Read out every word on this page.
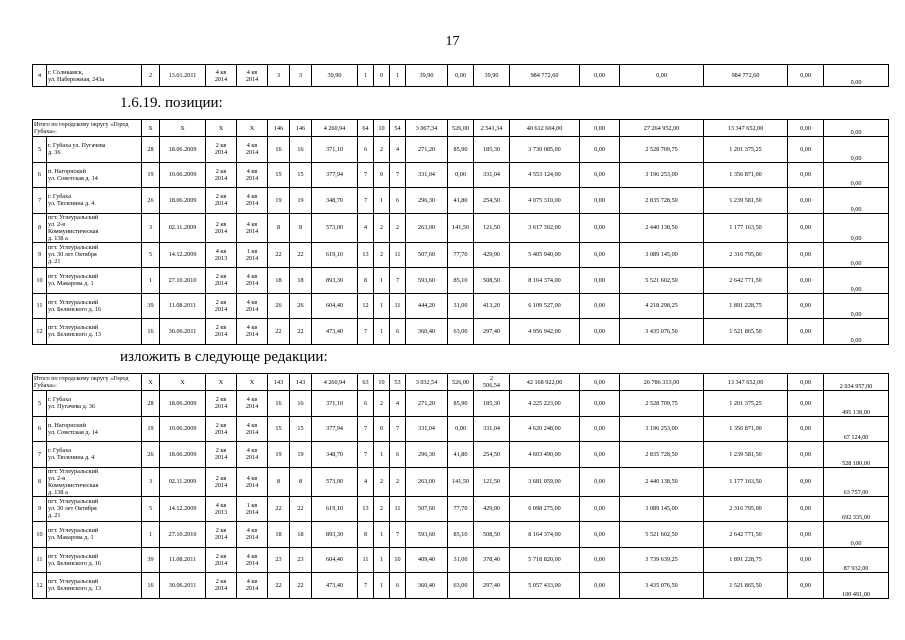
17
4	г. Соликамск,
ул. Набережная, 243а	2	13.01.2011	4 кв
2014	4 кв
2014	3	3	39,90	1	0	1	39,90	0,00	39,90	984 772,60	0,00	0,00	984 772,60	0,00	0,00
1.6.19. позиции:
Итого по городскому округу «Город Губаха»:		X	X	X	X	146	146	4 260,94	64	10	54	3 067,34	526,00	2 541,34	40 612 604,00	0,00	27 264 952,00	13 347 652,00	0,00	0,00
5	г. Губаха ул. Пугачева
д. 36	28	18.06.2009	2 кв
2014	4 кв
2014	16	16	371,10	6	2	4	271,20	85,90	185,30	3 730 085,00	0,00	2 528 709,75	1 201 375,25	0,00	0,00
6	п. Нагорнский
ул. Советская д. 14	19	10.06.2009	2 кв
2014	4 кв
2014	15	15	377,94	7	0	7	331,04	0,00	331,04	4 553 124,00	0,00	3 196 253,00	1 356 871,00	0,00	0,00
7	г. Губаха
ул. Тюленина д. 4	26	18.06.2009	2 кв
2014	4 кв
2014	19	19	348,70	7	1	6	296,30	41,80	254,50	4 075 310,00	0,00	2 835 728,50	1 239 581,50	0,00	0,00
8	пгт. Углеуральский
ул. 2-я
Коммунистическая
д. 138 а	3	02.11.2009	2 кв
2014	4 кв
2014	8	8	573,00	4	2	2	263,00	141,50	121,50	3 617 302,00	0,00	2 440 138,50	1 177 163,50	0,00	0,00
9	пгт. Углеуральский
ул. 30 лет Октября
д. 21	5	14.12.2009	4 кв
2013	1 кв
2014	22	22	619,10	13	2	11	507,60	77,70	429,90	5 405 940,00	0,00	3 089 145,00	2 316 795,00	0,00	0,00
10	пгт. Углеуральский
ул. Макарова д. 1	1	27.10.2010	2 кв
2014	4 кв
2014	18	18	893,30	8	1	7	593,60	85,10	508,50	8 164 374,00	0,00	5 521 602,50	2 642 771,50	0,00	0,00
11	пгт. Углеуральский
ул. Белинского д. 16	39	11.08.2011	2 кв
2014	4 кв
2014	26	26	604,40	12	1	11	444,20	31,00	413,20	6 109 527,00	0,00	4 218 298,25	1 891 228,75	0,00	0,00
12	пгт. Углеуральский
ул. Белинского д. 13	16	30.06.2011	2 кв
2014	4 кв
2014	22	22	473,40	7	1	6	360,40	63,00	297,40	4 956 942,00	0,00	3 435 076,50	1 521 865,50	0,00	0,00
изложить в следующе редакции:
Итого по городскому округу «Город Губаха»:		X	X	X	X	143	143	4 260,94	63	10	53	3 032,54	526,00	2
506,54	42 168 922,00	0,00	26 786 313,00	13 347 652,00	0,00	2 034 957,00
5	г. Губаха
ул. Пугачева д. 36	28	18.06.2009	2 кв
2014	4 кв
2014	16	16	371,10	6	2	4	271,20	85,90	185,30	4 225 223,00	0,00	2 528 709,75	1 201 375,25	0,00	495 138,00
6	п. Нагорнский
ул. Советская д. 14	19	10.06.2009	2 кв
2014	4 кв
2014	15	15	377,94	7	0	7	331,04	0,00	331,04	4 620 248,00	0,00	3 196 253,00	1 356 871,00	0,00	67 124,00
7	г. Губаха
ул. Тюленина д. 4	26	18.06.2009	2 кв
2014	4 кв
2014	19	19	348,70	7	1	6	296,30	41,80	254,50	4 603 490,00	0,00	2 835 728,50	1 239 581,50	0,00	528 180,00
8	пгт. Углеуральский
ул. 2-я
Коммунистическая
д. 138 а	3	02.11.2009	2 кв
2014	4 кв
2014	8	8	573,00	4	2	2	263,00	141,50	121,50	3 681 059,00	0,00	2 440 138,50	1 177 163,50	0,00	63 757,00
9	пгт. Углеуральский
ул. 30 лет Октября
д. 21	5	14.12.2009	4 кв
2013	1 кв
2014	22	22	619,10	13	2	11	507,60	77,70	429,90	6 098 275,00	0,00	3 089 145,00	2 316 795,00	0,00	692 335,00
10	пгт. Углеуральский
ул. Макарова д. 1	1	27.10.2010	2 кв
2014	4 кв
2014	18	18	893,30	8	1	7	593,60	85,10	508,50	8 164 374,00	0,00	5 521 602,50	2 642 771,50	0,00	0,00
11	пгт. Углеуральский
ул. Белинского д. 16	39	11.08.2011	2 кв
2014	4 кв
2014	23	23	604,40	11	1	10	409,40	31,00	378,40	5 718 820,00	0,00	3 739 639,25	1 891 228,75	0,00	87 932,00
12	пгт. Углеуральский
ул. Белинского д. 13	16	30.06.2011	2 кв
2014	4 кв
2014	22	22	473,40	7	1	6	360,40	63,00	297,40	5 057 433,00	0,00	3 435 076,50	1 521 865,50	0,00	100 491,00
